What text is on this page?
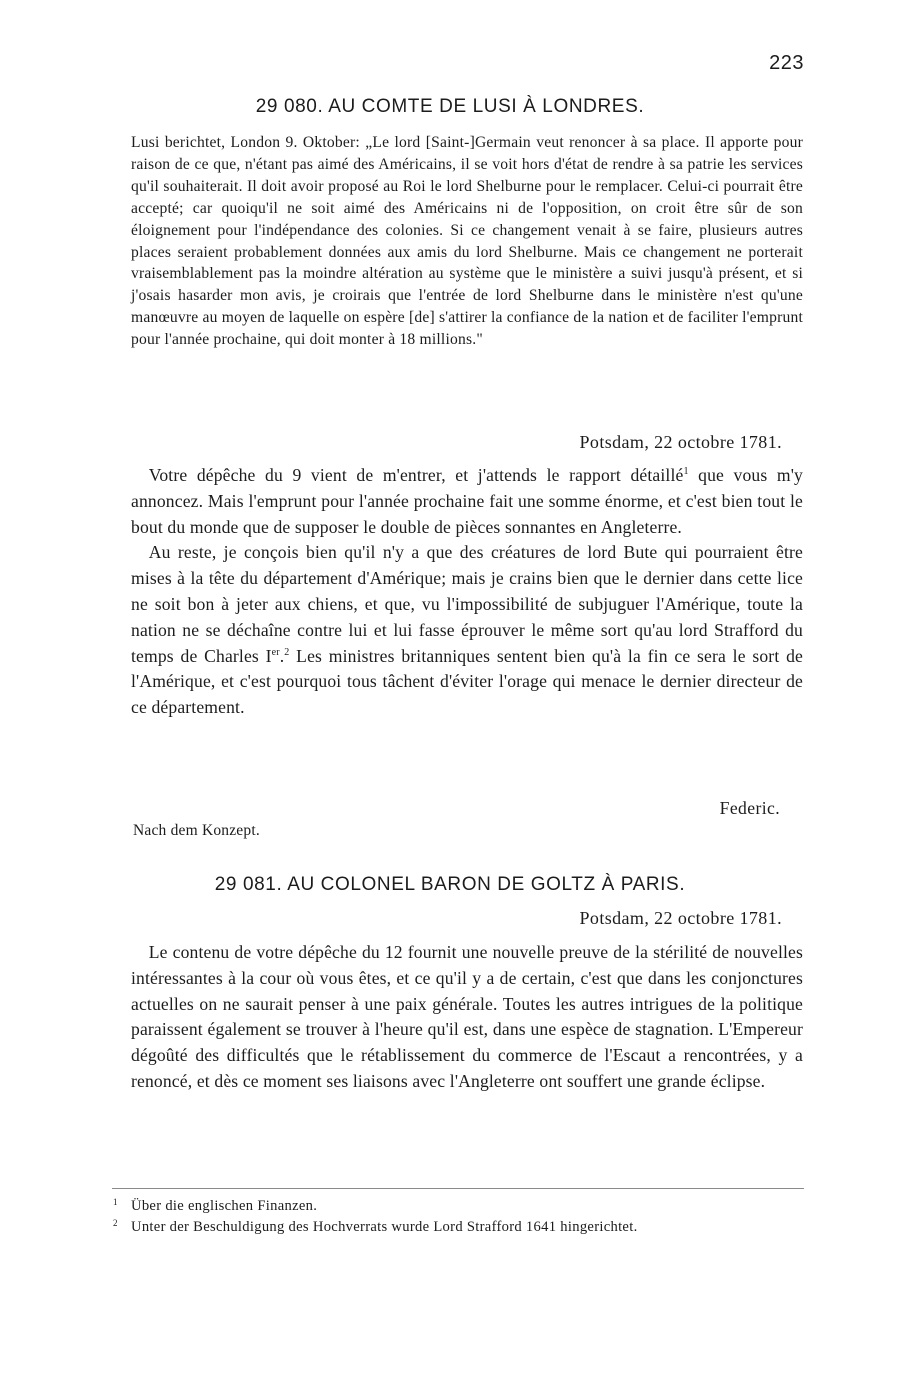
223
29 080. AU COMTE DE LUSI À LONDRES.
Lusi berichtet, London 9. Oktober: „Le lord [Saint-]Germain veut renoncer à sa place. Il apporte pour raison de ce que, n'étant pas aimé des Américains, il se voit hors d'état de rendre à sa patrie les services qu'il souhaiterait. Il doit avoir proposé au Roi le lord Shelburne pour le remplacer. Celui-ci pourrait être accepté; car quoiqu'il ne soit aimé des Américains ni de l'opposition, on croit être sûr de son éloignement pour l'indépendance des colonies. Si ce changement venait à se faire, plusieurs autres places seraient probablement données aux amis du lord Shelburne. Mais ce changement ne porterait vraisemblablement pas la moindre altération au système que le ministère a suivi jusqu'à présent, et si j'osais hasarder mon avis, je croirais que l'entrée de lord Shelburne dans le ministère n'est qu'une manœuvre au moyen de laquelle on espère [de] s'attirer la confiance de la nation et de faciliter l'emprunt pour l'année prochaine, qui doit monter à 18 millions."
Potsdam, 22 octobre 1781.

 Votre dépêche du 9 vient de m'entrer, et j'attends le rapport détaillé$^1$ que vous m'y annoncez. Mais l'emprunt pour l'année prochaine fait une somme énorme, et c'est bien tout le bout du monde que de supposer le double de pièces sonnantes en Angleterre.

 Au reste, je conçois bien qu'il n'y a que des créatures de lord Bute qui pourraient être mises à la tête du département d'Amérique; mais je crains bien que le dernier dans cette lice ne soit bon à jeter aux chiens, et que, vu l'impossibilité de subjuguer l'Amérique, toute la nation ne se déchaîne contre lui et lui fasse éprouver le même sort qu'au lord Strafford du temps de Charles Ier.$^2$ Les ministres britanniques sentent bien qu'à la fin ce sera le sort de l'Amérique, et c'est pourquoi tous tâchent d'éviter l'orage qui menace le dernier directeur de ce département.

Federic.
Nach dem Konzept.
29 081. AU COLONEL BARON DE GOLTZ À PARIS.
Potsdam, 22 octobre 1781.

 Le contenu de votre dépêche du 12 fournit une nouvelle preuve de la stérilité de nouvelles intéressantes à la cour où vous êtes, et ce qu'il y a de certain, c'est que dans les conjonctures actuelles on ne saurait penser à une paix générale. Toutes les autres intrigues de la politique paraissent également se trouver à l'heure qu'il est, dans une espèce de stagnation. L'Empereur dégoûté des difficultés que le rétablissement du commerce de l'Escaut a rencontrées, y a renoncé, et dès ce moment ses liaisons avec l'Angleterre ont souffert une grande éclipse.

1 Über die englischen Finanzen.
2 Unter der Beschuldigung des Hochverrats wurde Lord Strafford 1641 hingerichtet.
